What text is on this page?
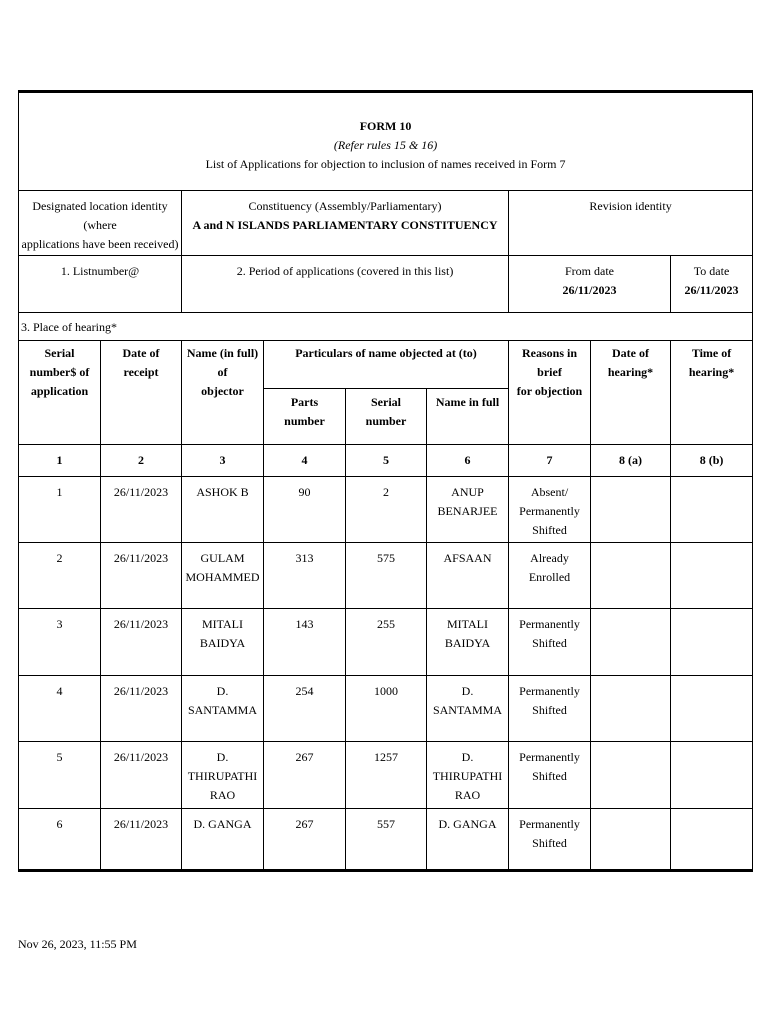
FORM 10
(Refer rules 15 & 16)
List of Applications for objection to inclusion of names received in Form 7								

Designated location identity (where
applications have been received)		Constituency (Assembly/Parliamentary)
A and N ISLANDS PARLIAMENTARY CONSTITUENCY				Revision identity		

1. Listnumber@		2. Period of applications (covered in this list)				From date
26/11/2023		To date
26/11/2023

3. Place of hearing*								

Serial
number$ of
application	Date of
receipt	Name (in full) of
objector	Particulars of name objected at (to)			Reasons in brief
for objection	Date of
hearing*	Time of
hearing*

			Parts
number	Serial
number	Name in full			

1	2	3	4	5	6	7	8 (a)	8 (b)
1	26/11/2023	ASHOK B	90	2	ANUP
BENARJEE	Absent/
Permanently
Shifted		

2	26/11/2023	GULAM
MOHAMMED	313	575	AFSAAN	Already Enrolled		

3	26/11/2023	MITALI
BAIDYA	143	255	MITALI
BAIDYA	Permanently
Shifted		

4	26/11/2023	D. SANTAMMA	254	1000	D. SANTAMMA	Permanently
Shifted		

5	26/11/2023	D. THIRUPATHI
RAO	267	1257	D. THIRUPATHI
RAO	Permanently
Shifted		

6	26/11/2023	D. GANGA	267	557	D. GANGA	Permanently
Shifted		

Nov 26, 2023, 11:55 PM
